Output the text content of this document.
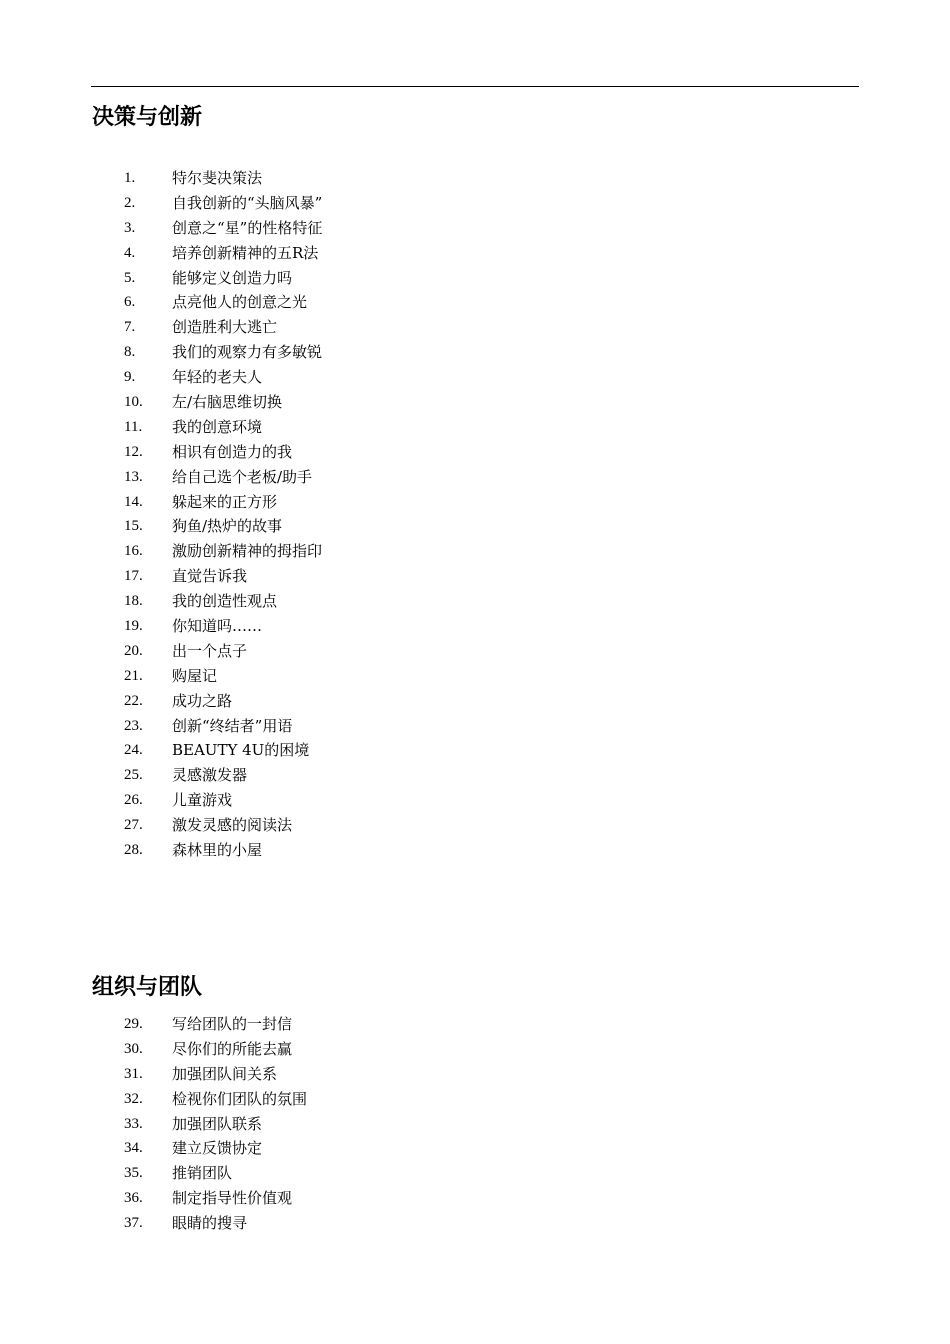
决策与创新
1. 特尔斐决策法
2. 自我创新的“头脑风暴”
3. 创意之“星”的性格特征
4. 培养创新精神的五R法
5. 能够定义创造力吗
6. 点亮他人的创意之光
7. 创造胜利大逃亡
8. 我们的观察力有多敏锐
9. 年轻的老夫人
10. 左/右脑思维切换
11. 我的创意环境
12. 相识有创造力的我
13. 给自己选个老板/助手
14. 躲起来的正方形
15. 狗鱼/热炉的故事
16. 激励创新精神的拇指印
17. 直觉告诉我
18. 我的创造性观点
19. 你知道吗……
20. 出一个点子
21. 购屋记
22. 成功之路
23. 创新“终结者”用语
24. BEAUTY 4U的困境
25. 灵感激发器
26. 儿童游戏
27. 激发灵感的阅读法
28. 森林里的小屋
组织与团队
29. 写给团队的一封信
30. 尽你们的所能去赢
31. 加强团队间关系
32. 检视你们团队的氛围
33. 加强团队联系
34. 建立反馈协定
35. 推销团队
36. 制定指导性价值观
37. 眼睛的搜寻
